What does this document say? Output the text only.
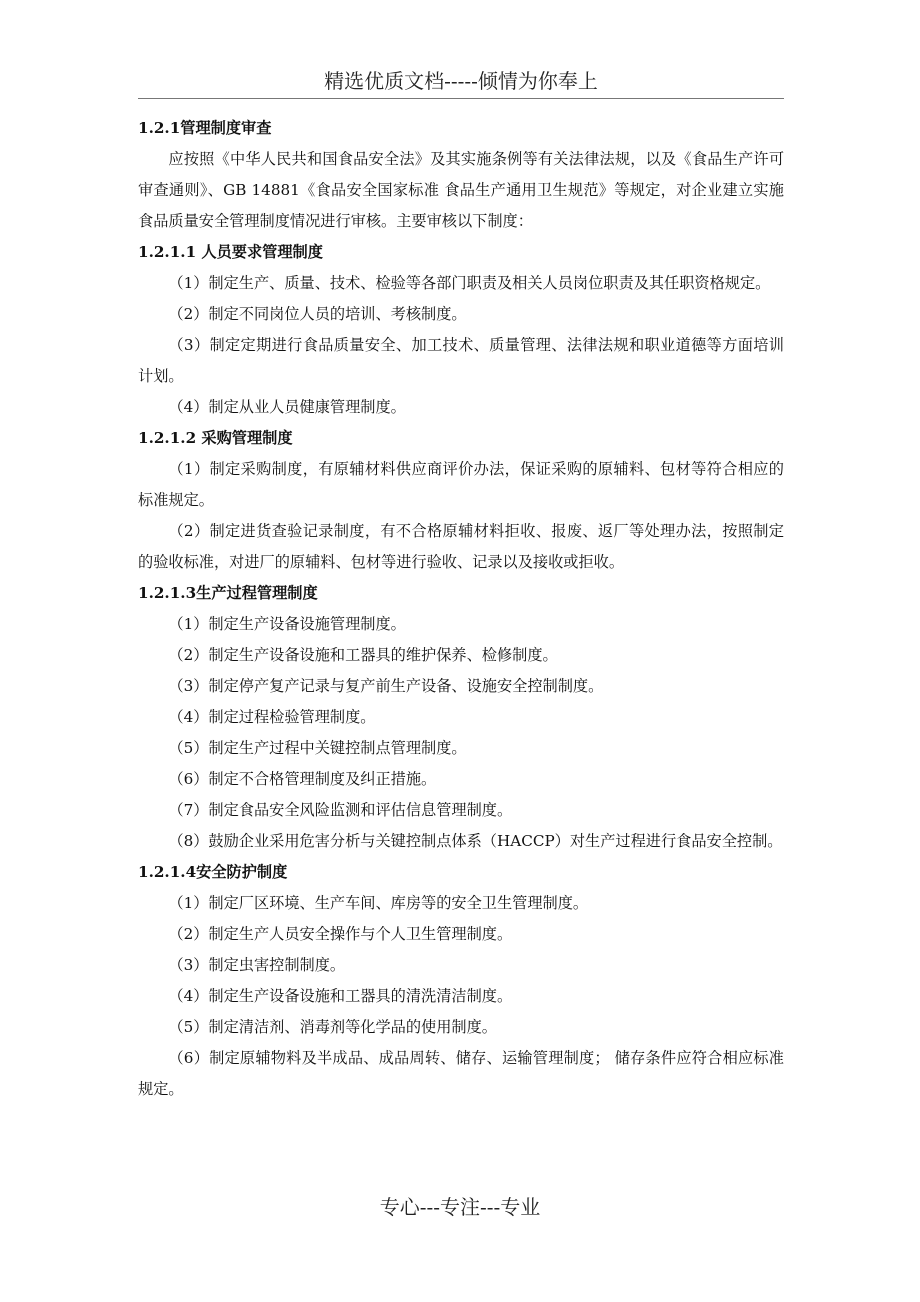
精选优质文档-----倾情为你奉上

1.2.1管理制度审查

应按照《中华人民共和国食品安全法》及其实施条例等有关法律法规，以及《食品生产许可审查通则》、GB 14881《食品安全国家标准 食品生产通用卫生规范》等规定，对企业建立实施食品质量安全管理制度情况进行审核。主要审核以下制度：

1.2.1.1 人员要求管理制度

（1）制定生产、质量、技术、检验等各部门职责及相关人员岗位职责及其任职资格规定。

（2）制定不同岗位人员的培训、考核制度。

（3）制定定期进行食品质量安全、加工技术、质量管理、法律法规和职业道德等方面培训计划。

（4）制定从业人员健康管理制度。

1.2.1.2 采购管理制度

（1）制定采购制度，有原辅材料供应商评价办法，保证采购的原辅料、包材等符合相应的标准规定。

（2）制定进货查验记录制度，有不合格原辅材料拒收、报废、返厂等处理办法，按照制定的验收标准，对进厂的原辅料、包材等进行验收、记录以及接收或拒收。

1.2.1.3生产过程管理制度

（1）制定生产设备设施管理制度。

（2）制定生产设备设施和工器具的维护保养、检修制度。

（3）制定停产复产记录与复产前生产设备、设施安全控制制度。

（4）制定过程检验管理制度。

（5）制定生产过程中关键控制点管理制度。

（6）制定不合格管理制度及纠正措施。

（7）制定食品安全风险监测和评估信息管理制度。

（8）鼓励企业采用危害分析与关键控制点体系（HACCP）对生产过程进行食品安全控制。

1.2.1.4安全防护制度

（1）制定厂区环境、生产车间、库房等的安全卫生管理制度。

（2）制定生产人员安全操作与个人卫生管理制度。

（3）制定虫害控制制度。

（4）制定生产设备设施和工器具的清洗清洁制度。

（5）制定清洁剂、消毒剂等化学品的使用制度。

（6）制定原辅物料及半成品、成品周转、储存、运输管理制度； 储存条件应符合相应标准规定。

专心---专注---专业
